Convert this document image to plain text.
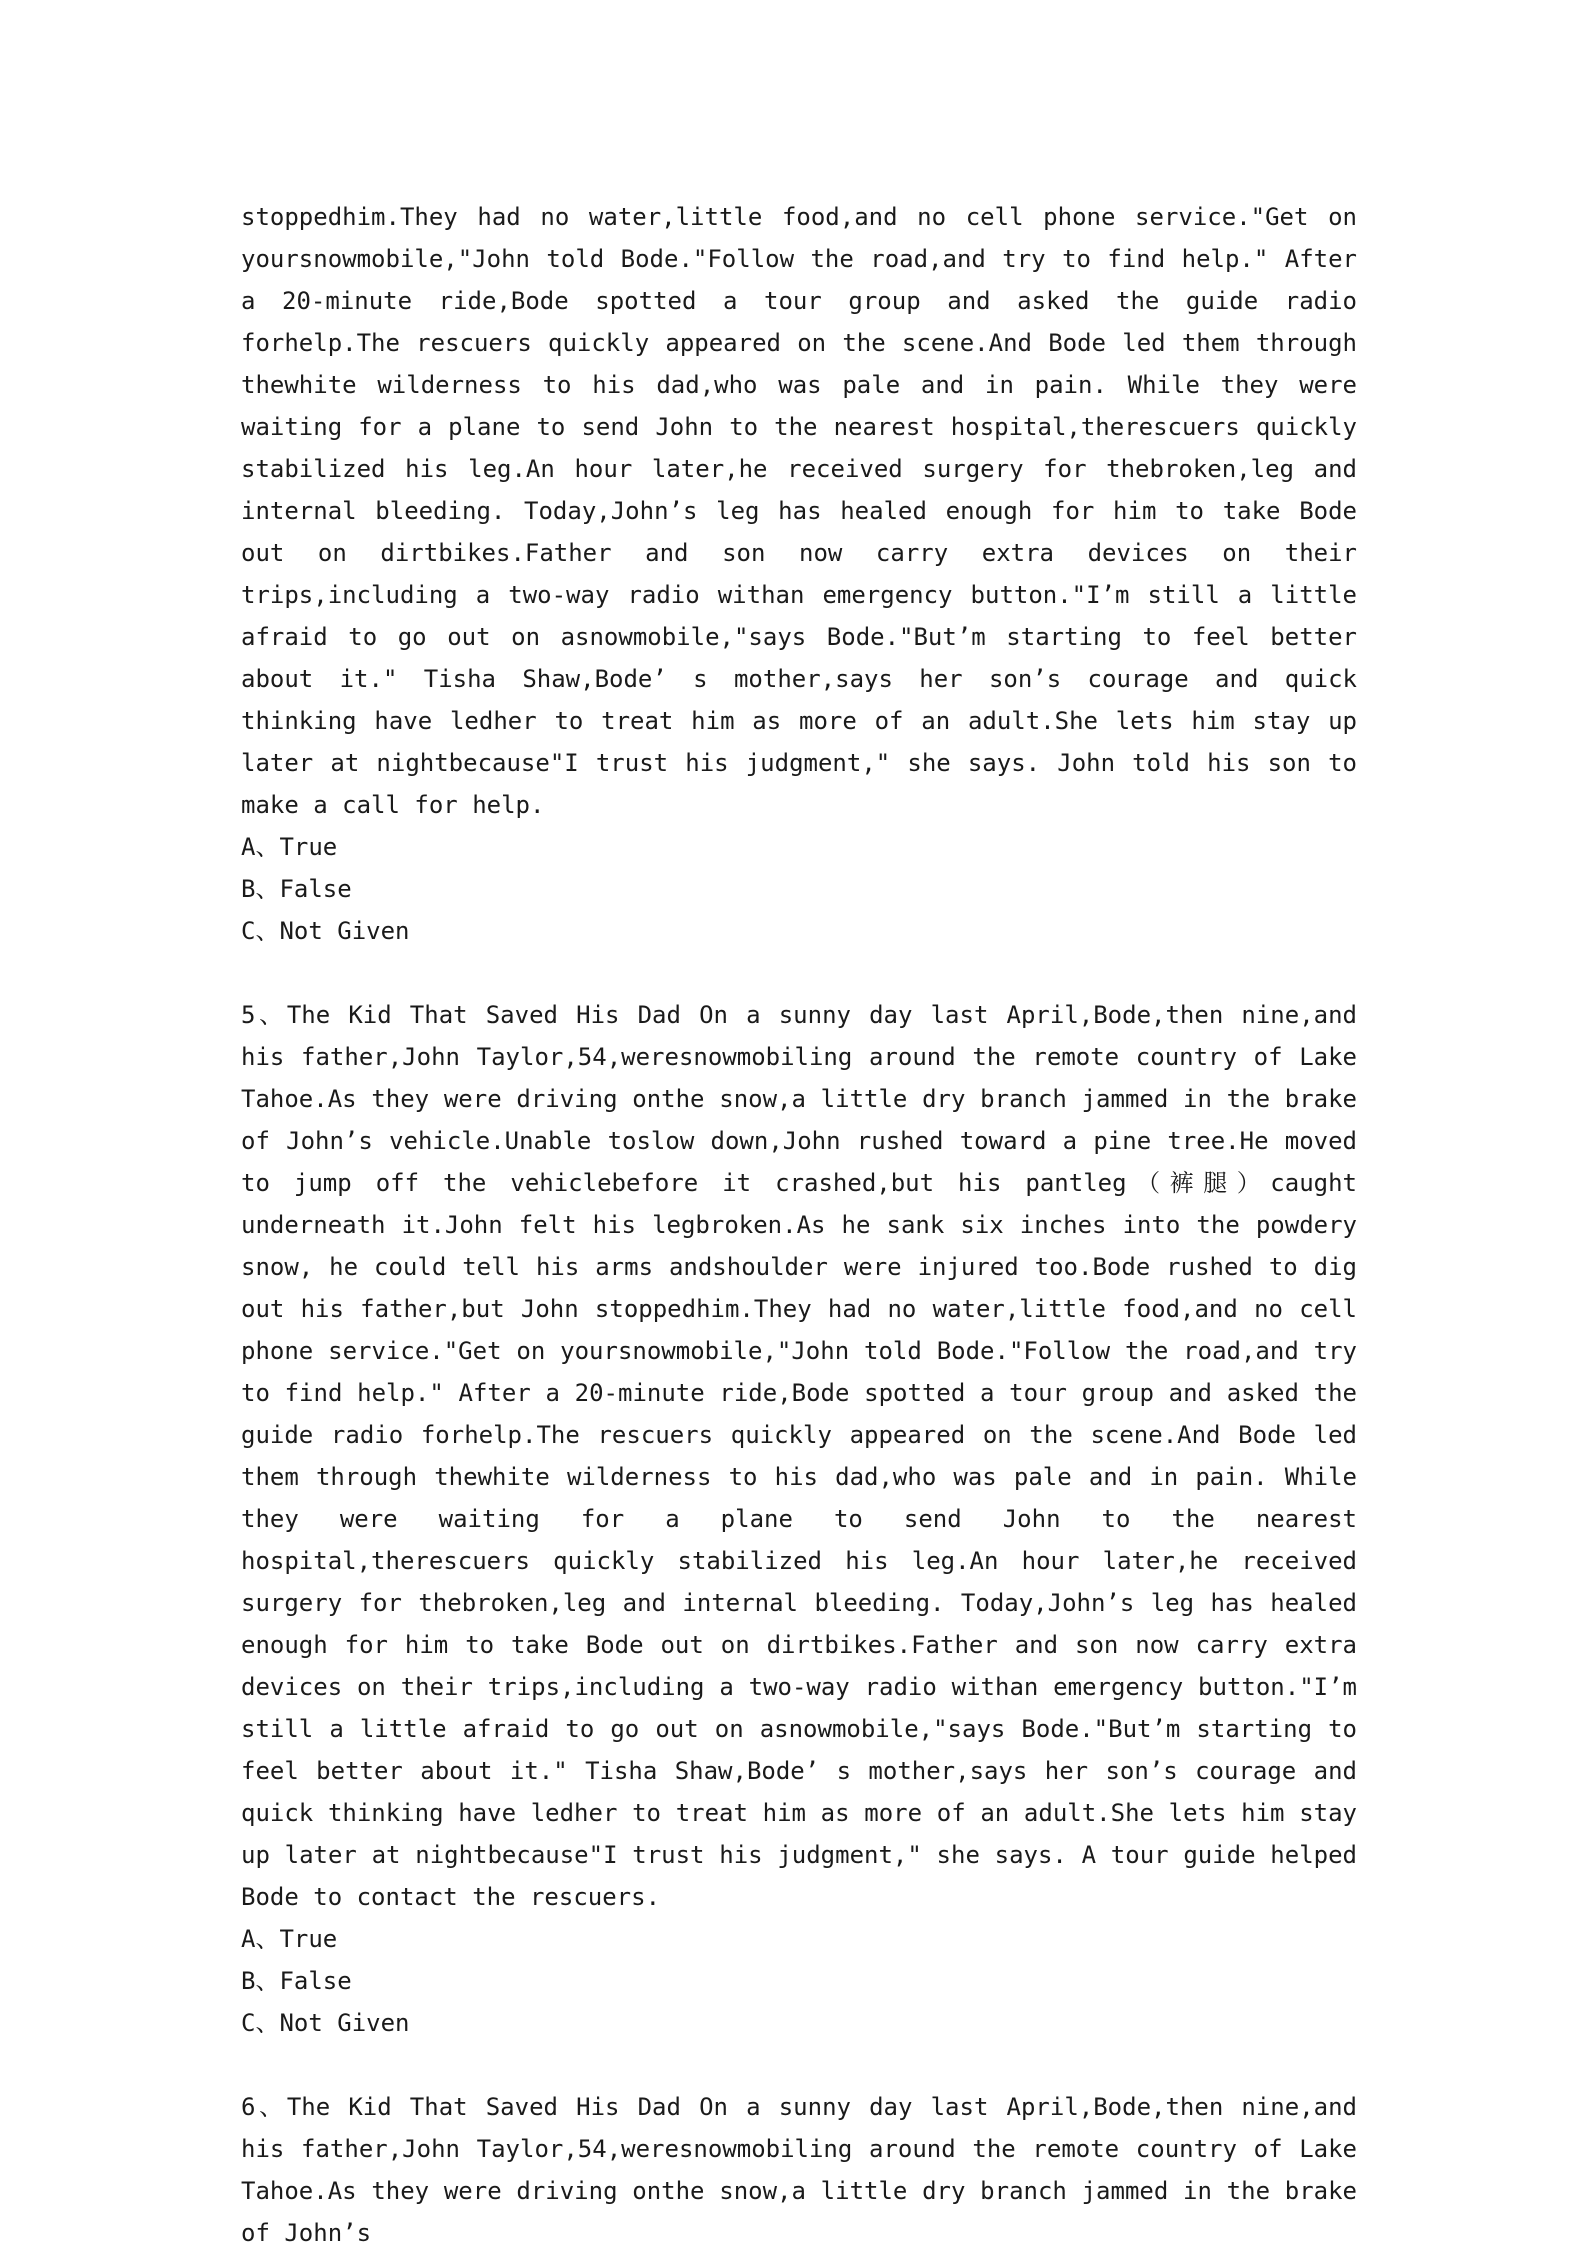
stoppedhim.They had no water,little food,and no cell phone service."Get on yoursnowmobile,"John told Bode."Follow the road,and try to find help." After a 20-minute ride,Bode spotted a tour group and asked the guide radio forhelp.The rescuers quickly appeared on the scene.And Bode led them through thewhite wilderness to his dad,who was pale and in pain. While they were waiting for a plane to send John to the nearest hospital,therescuers quickly stabilized his leg.An hour later,he received surgery for thebroken,leg and internal bleeding. Today,John’s leg has healed enough for him to take Bode out on dirtbikes.Father and son now carry extra devices on their trips,including a two-way radio withan emergency button."I’m still a little afraid to go out on asnowmobile,"says Bode."But’m starting to feel better about it." Tisha Shaw,Bode’ s mother,says her son’s courage and quick thinking have ledher to treat him as more of an adult.She lets him stay up later at nightbecause"I trust his judgment," she says. John told his son to make a call for help.

A、True

B、False

C、Not Given

5、The Kid That Saved His Dad On a sunny day last April,Bode,then nine,and his father,John Taylor,54,weresnowmobiling around the remote country of Lake Tahoe.As they were driving onthe snow,a little dry branch jammed in the brake of John’s vehicle.Unable toslow down,John rushed toward a pine tree.He moved to jump off the vehiclebefore it crashed,but his pantleg（裤腿）caught underneath it.John felt his legbroken.As he sank six inches into the powdery snow, he could tell his arms andshoulder were injured too.Bode rushed to dig out his father,but John stoppedhim.They had no water,little food,and no cell phone service."Get on yoursnowmobile,"John told Bode."Follow the road,and try to find help." After a 20-minute ride,Bode spotted a tour group and asked the guide radio forhelp.The rescuers quickly appeared on the scene.And Bode led them through thewhite wilderness to his dad,who was pale and in pain. While they were waiting for a plane to send John to the nearest hospital,therescuers quickly stabilized his leg.An hour later,he received surgery for thebroken,leg and internal bleeding. Today,John’s leg has healed enough for him to take Bode out on dirtbikes.Father and son now carry extra devices on their trips,including a two-way radio withan emergency button."I’m still a little afraid to go out on asnowmobile,"says Bode."But’m starting to feel better about it." Tisha Shaw,Bode’ s mother,says her son’s courage and quick thinking have ledher to treat him as more of an adult.She lets him stay up later at nightbecause"I trust his judgment," she says. A tour guide helped Bode to contact the rescuers.

A、True

B、False

C、Not Given

6、The Kid That Saved His Dad On a sunny day last April,Bode,then nine,and his father,John Taylor,54,weresnowmobiling around the remote country of Lake Tahoe.As they were driving onthe snow,a little dry branch jammed in the brake of John’s
